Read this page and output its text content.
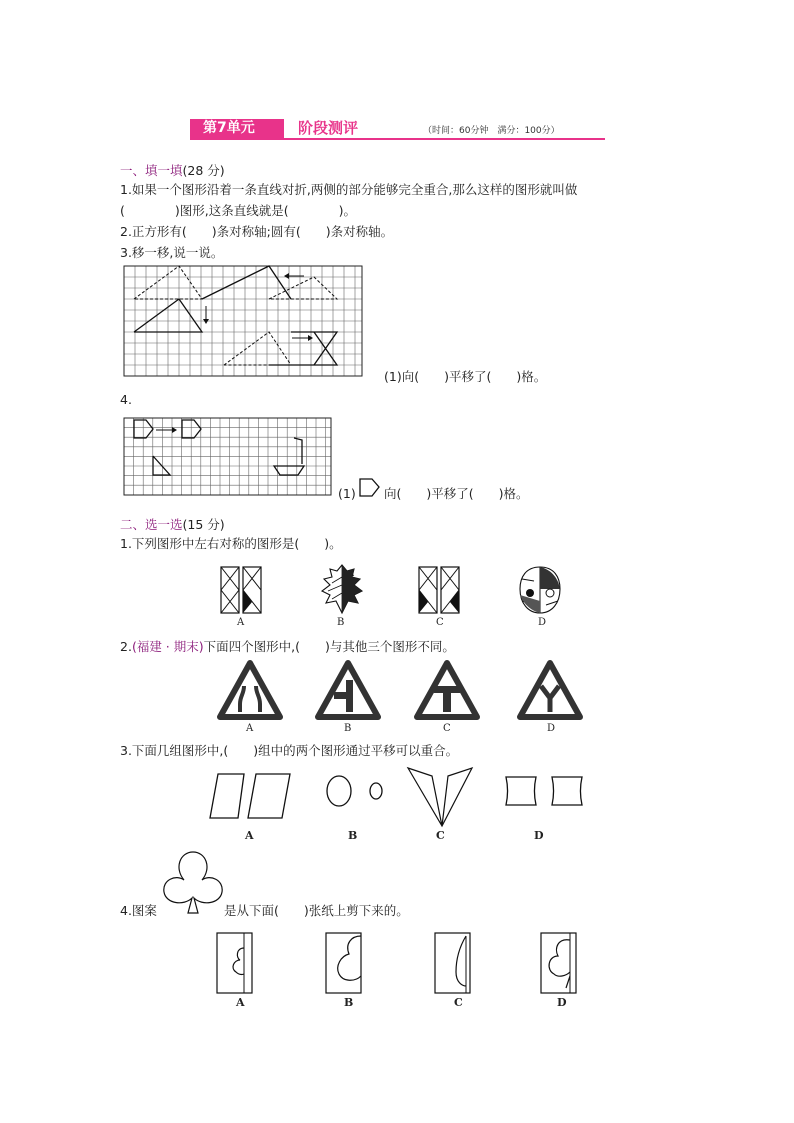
第7单元	阶段测评	（时间：60分钟　满分：100分）
一、填一填(28 分)
1.如果一个图形沿着一条直线对折,两侧的部分能够完全重合,那么这样的图形就叫做
(　　　　)图形,这条直线就是(　　　　)。
2.正方形有(　　)条对称轴;圆有(　　)条对称轴。
3.移一移,说一说。
(1)向(　　)平移了(　　)格。
4.
(1) 向(　　)平移了(　　)格。
二、选一选(15 分)
1.下列图形中左右对称的图形是(　　)。
A	B	C	D
2.(福建 · 期末)下面四个图形中,(　　)与其他三个图形不同。
A	B	C	D
3.下面几组图形中,(　　)组中的两个图形通过平移可以重合。
A	B	C	D
4.图案	是从下面(　　)张纸上剪下来的。
A	B	C	D
